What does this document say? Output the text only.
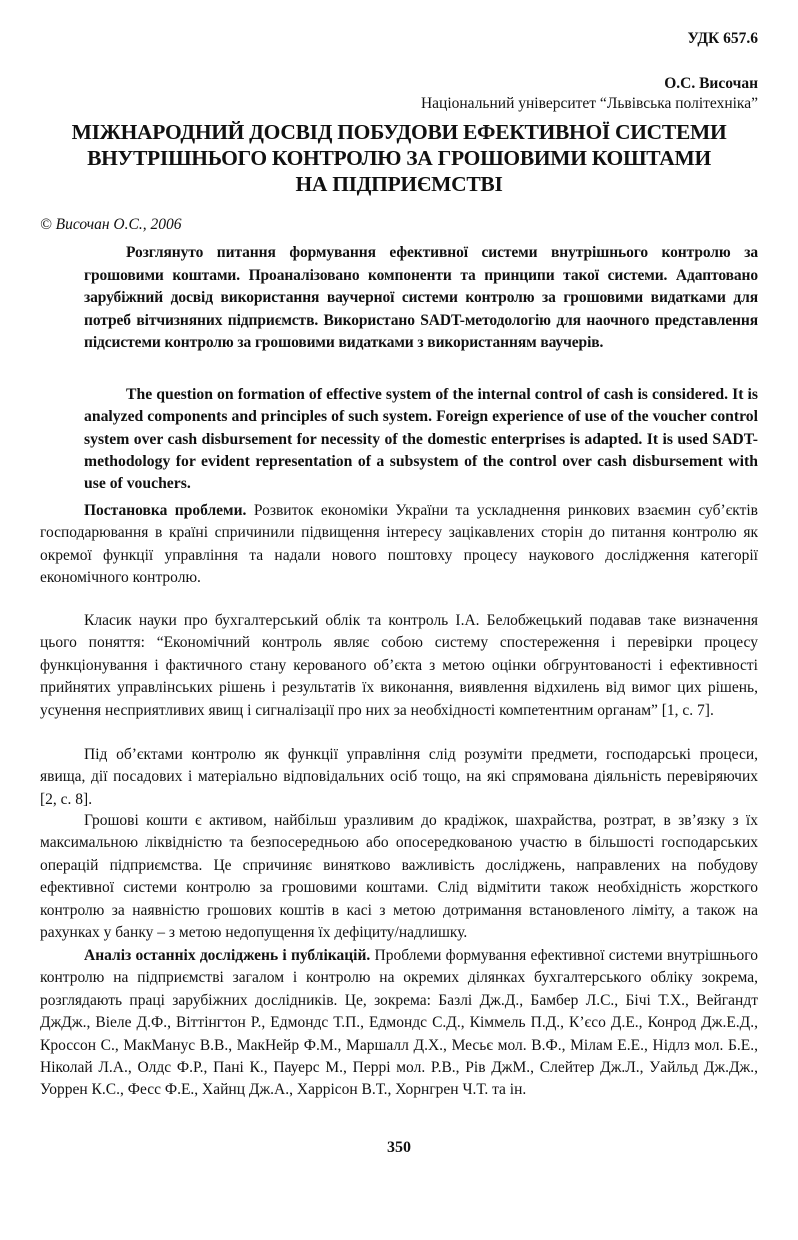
УДК 657.6
О.С. Височан
Національний університет “Львівська політехніка”
МІЖНАРОДНИЙ ДОСВІД ПОБУДОВИ ЕФЕКТИВНОЇ СИСТЕМИ
ВНУТРІШНЬОГО КОНТРОЛЮ ЗА ГРОШОВИМИ КОШТАМИ
НА ПІДПРИЄМСТВІ
© Височан О.С., 2006

Розглянуто питання формування ефективної системи внутрішнього контролю за грошовими коштами. Проаналізовано компоненти та принципи такої системи. Адаптовано зарубіжний досвід використання ваучерної системи контролю за грошовими видатками для потреб вітчизняних підприємств. Використано SADT-методологію для наочного представлення підсистеми контролю за грошовими видатками з використанням ваучерів.

The question on formation of effective system of the internal control of cash is considered. It is analyzed components and principles of such system. Foreign experience of use of the voucher control system over cash disbursement for necessity of the domestic enterprises is adapted. It is used SADT-methodology for evident representation of a subsystem of the control over cash disbursement with use of vouchers.

Постановка проблеми. Розвиток економіки України та ускладнення ринкових взаємин суб’єктів господарювання в країні спричинили підвищення інтересу зацікавлених сторін до питання контролю як окремої функції управління та надали нового поштовху процесу наукового дослідження категорії економічного контролю.

Класик науки про бухгалтерський облік та контроль І.А. Белобжецький подавав таке визначення цього поняття: “Економічний контроль являє собою систему спостереження і перевірки процесу функціонування і фактичного стану керованого об’єкта з метою оцінки обгрунтованості і ефективності прийнятих управлінських рішень і результатів їх виконання, виявлення відхилень від вимог цих рішень, усунення несприятливих явищ і сигналізації про них за необхідності компетентним органам” [1, с. 7].

Під об’єктами контролю як функції управління слід розуміти предмети, господарські процеси, явища, дії посадових і матеріально відповідальних осіб тощо, на які спрямована діяльність перевіряючих [2, с. 8].

Грошові кошти є активом, найбільш уразливим до крадіжок, шахрайства, розтрат, в зв’язку з їх максимальною ліквідністю та безпосередньою або опосередкованою участю в більшості господарських операцій підприємства. Це спричиняє винятково важливість досліджень, направлених на побудову ефективної системи контролю за грошовими коштами. Слід відмітити також необхідність жорсткого контролю за наявністю грошових коштів в касі з метою дотримання встановленого ліміту, а також на рахунках у банку – з метою недопущення їх дефіциту/надлишку.

Аналіз останніх досліджень і публікацій. Проблеми формування ефективної системи внутрішнього контролю на підприємстві загалом і контролю на окремих ділянках бухгалтерського обліку зокрема, розглядають праці зарубіжних дослідників. Це, зокрема: Базлі Дж.Д., Бамбер Л.С., Бічі Т.Х., Вейгандт ДжДж., Віеле Д.Ф., Віттінгтон Р., Едмондс Т.П., Едмондс С.Д., Кіммель П.Д., К’єсо Д.Е., Конрод Дж.Е.Д., Кроссон С., МакМанус В.В., МакНейр Ф.М., Маршалл Д.Х., Месьє мол. В.Ф., Мілам Е.Е., Нідлз мол. Б.Е., Ніколай Л.А., Олдс Ф.Р., Пані К., Пауерс М., Перрі мол. Р.В., Рів ДжМ., Слейтер Дж.Л., Уайльд Дж.Дж., Уоррен К.С., Фесс Ф.Е., Хайнц Дж.А., Харрісон В.Т., Хорнгрен Ч.Т. та ін.

350
